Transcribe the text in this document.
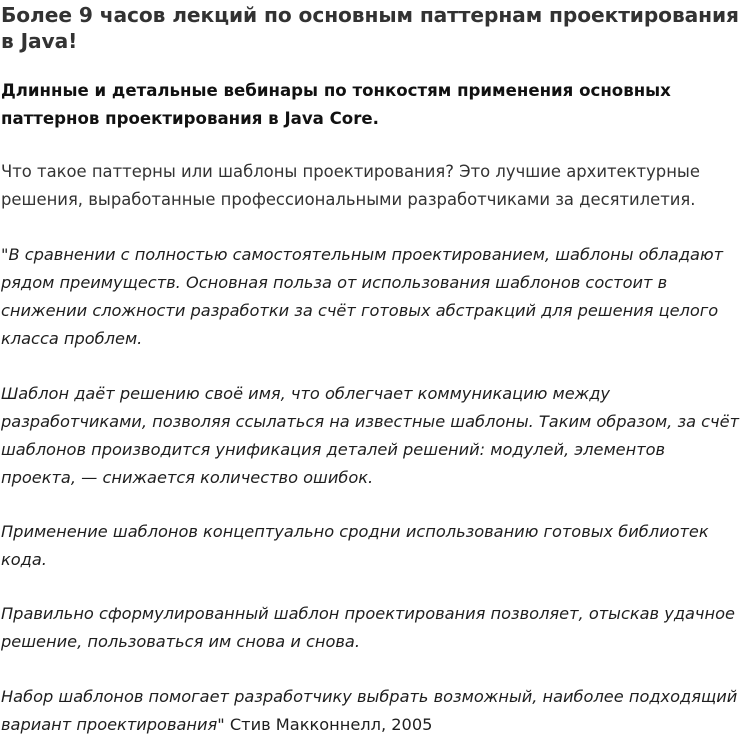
Более 9 часов лекций по основным паттернам проектирования в Java!
Длинные и детальные вебинары по тонкостям применения основных паттернов проектирования в Java Core.

Что такое паттерны или шаблоны проектирования? Это лучшие архитектурные решения, выработанные профессиональными разработчиками за десятилетия.

"В сравнении с полностью самостоятельным проектированием, шаблоны обладают рядом преимуществ. Основная польза от использования шаблонов состоит в снижении сложности разработки за счёт готовых абстракций для решения целого класса проблем.

Шаблон даёт решению своё имя, что облегчает коммуникацию между разработчиками, позволяя ссылаться на известные шаблоны. Таким образом, за счёт шаблонов производится унификация деталей решений: модулей, элементов проекта, — снижается количество ошибок.

Применение шаблонов концептуально сродни использованию готовых библиотек кода.

Правильно сформулированный шаблон проектирования позволяет, отыскав удачное решение, пользоваться им снова и снова.

Набор шаблонов помогает разработчику выбрать возможный, наиболее подходящий вариант проектирования" Стив Макконнелл, 2005
